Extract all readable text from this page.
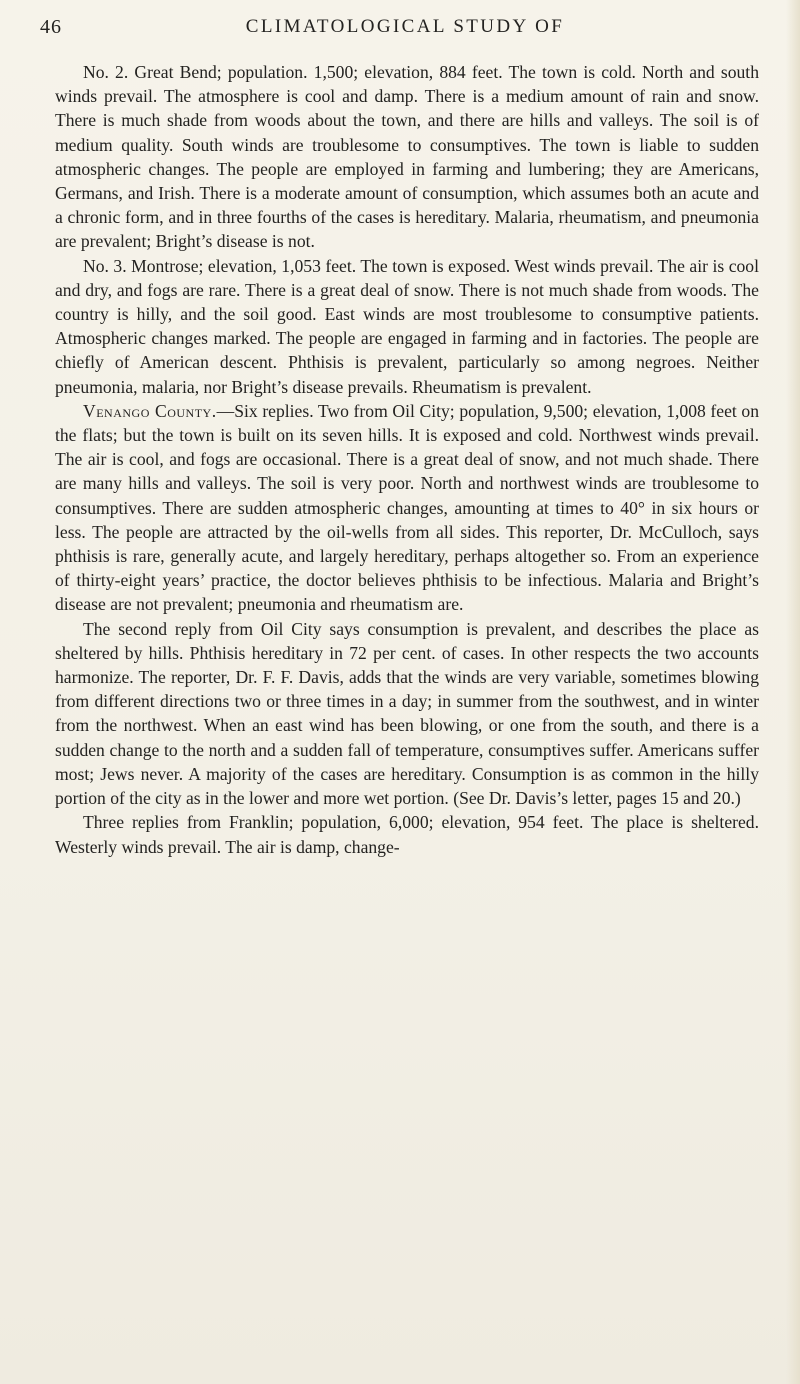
46	CLIMATOLOGICAL STUDY OF

No. 2. Great Bend; population. 1,500; elevation, 884 feet. The town is cold. North and south winds prevail. The atmosphere is cool and damp. There is a medium amount of rain and snow. There is much shade from woods about the town, and there are hills and valleys. The soil is of medium quality. South winds are troublesome to consumptives. The town is liable to sudden atmospheric changes. The people are employed in farming and lumbering; they are Americans, Germans, and Irish. There is a moderate amount of consumption, which assumes both an acute and a chronic form, and in three fourths of the cases is hereditary. Malaria, rheumatism, and pneumonia are prevalent; Bright’s disease is not.

No. 3. Montrose; elevation, 1,053 feet. The town is exposed. West winds prevail. The air is cool and dry, and fogs are rare. There is a great deal of snow. There is not much shade from woods. The country is hilly, and the soil good. East winds are most troublesome to consumptive patients. Atmospheric changes marked. The people are engaged in farming and in factories. The people are chiefly of American descent. Phthisis is prevalent, particularly so among negroes. Neither pneumonia, malaria, nor Bright’s disease prevails. Rheumatism is prevalent.

Venango County.—Six replies. Two from Oil City; population, 9,500; elevation, 1,008 feet on the flats; but the town is built on its seven hills. It is exposed and cold. Northwest winds prevail. The air is cool, and fogs are occasional. There is a great deal of snow, and not much shade. There are many hills and valleys. The soil is very poor. North and northwest winds are troublesome to consumptives. There are sudden atmospheric changes, amounting at times to 40° in six hours or less. The people are attracted by the oil-wells from all sides. This reporter, Dr. McCulloch, says phthisis is rare, generally acute, and largely hereditary, perhaps altogether so. From an experience of thirty-eight years’ practice, the doctor believes phthisis to be infectious. Malaria and Bright’s disease are not prevalent; pneumonia and rheumatism are.

The second reply from Oil City says consumption is prevalent, and describes the place as sheltered by hills. Phthisis hereditary in 72 per cent. of cases. In other respects the two accounts harmonize. The reporter, Dr. F. F. Davis, adds that the winds are very variable, sometimes blowing from different directions two or three times in a day; in summer from the southwest, and in winter from the northwest. When an east wind has been blowing, or one from the south, and there is a sudden change to the north and a sudden fall of temperature, consumptives suffer. Americans suffer most; Jews never. A majority of the cases are hereditary. Consumption is as common in the hilly portion of the city as in the lower and more wet portion. (See Dr. Davis’s letter, pages 15 and 20.)

Three replies from Franklin; population, 6,000; elevation, 954 feet. The place is sheltered. Westerly winds prevail. The air is damp, change-
